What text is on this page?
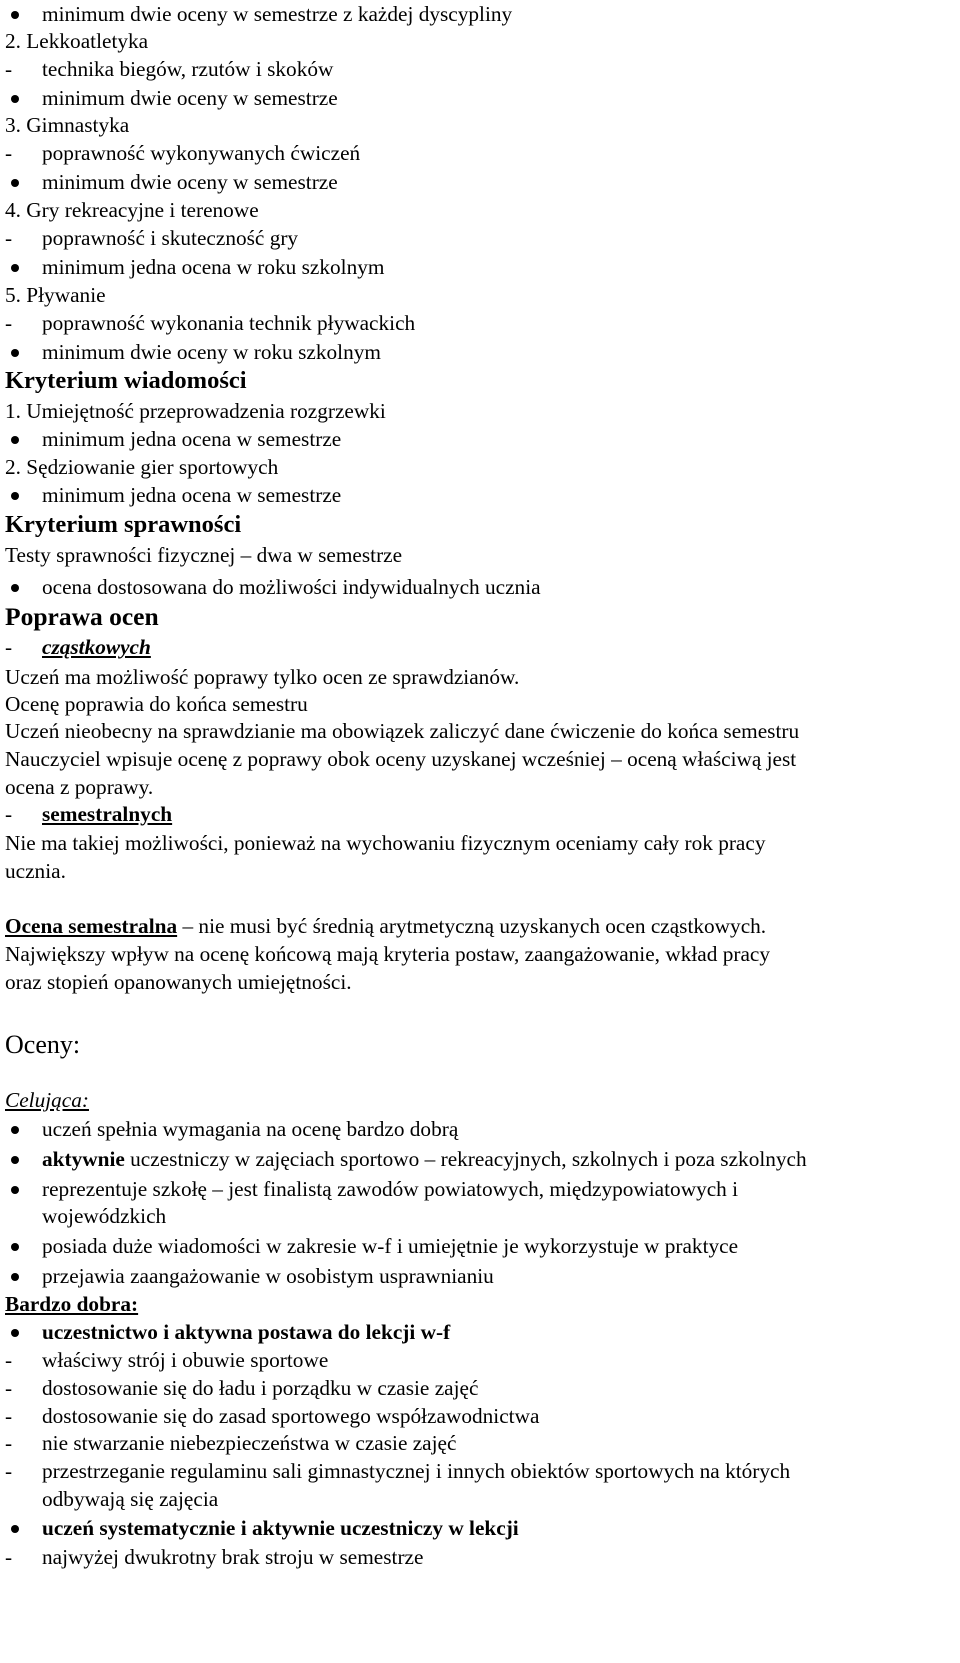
minimum dwie oceny w semestrze z każdej dyscypliny
2. Lekkoatletyka
-	technika biegów, rzutów i skoków
minimum dwie oceny w semestrze
3. Gimnastyka
-	poprawność wykonywanych ćwiczeń
minimum dwie oceny w semestrze
4. Gry rekreacyjne i terenowe
-	poprawność i skuteczność gry
minimum jedna ocena w roku szkolnym
5. Pływanie
-	poprawność wykonania technik pływackich
minimum dwie oceny w roku szkolnym
Kryterium wiadomości
1. Umiejętność przeprowadzenia rozgrzewki
minimum jedna ocena w semestrze
2. Sędziowanie gier sportowych
minimum jedna ocena w semestrze
Kryterium sprawności
Testy sprawności fizycznej – dwa w semestrze
ocena dostosowana do możliwości indywidualnych ucznia
Poprawa ocen
-	cząstkowych
Uczeń ma możliwość poprawy tylko ocen ze sprawdzianów.
Ocenę poprawia do końca semestru
Uczeń nieobecny na sprawdzianie ma obowiązek zaliczyć dane ćwiczenie do końca semestru
Nauczyciel wpisuje ocenę z poprawy obok oceny uzyskanej wcześniej – oceną właściwą jest
ocena z poprawy.
-	semestralnych
Nie ma takiej możliwości, ponieważ na wychowaniu fizycznym oceniamy cały rok pracy
ucznia.
Ocena semestralna – nie musi być średnią arytmetyczną uzyskanych ocen cząstkowych.
Największy wpływ na ocenę końcową mają kryteria postaw, zaangażowanie, wkład pracy
oraz stopień opanowanych umiejętności.
Oceny:
Celująca:
uczeń spełnia wymagania na ocenę bardzo dobrą
aktywnie uczestniczy w zajęciach sportowo – rekreacyjnych, szkolnych i poza szkolnych
reprezentuje szkołę – jest finalistą zawodów powiatowych, międzypowiatowych i
wojewódzkich
posiada duże wiadomości w zakresie w-f i umiejętnie je wykorzystuje w praktyce
przejawia zaangażowanie w osobistym usprawnianiu
Bardzo dobra:
uczestnictwo i aktywna postawa do lekcji w-f
-	właściwy strój i obuwie sportowe
-	dostosowanie się do ładu i porządku w czasie zajęć
-	dostosowanie się do zasad sportowego współzawodnictwa
-	nie stwarzanie niebezpieczeństwa w czasie zajęć
-	przestrzeganie regulaminu sali gimnastycznej i innych obiektów sportowych na których
odbywają się zajęcia
uczeń systematycznie i aktywnie uczestniczy w lekcji
-	najwyżej dwukrotny brak stroju w semestrze
